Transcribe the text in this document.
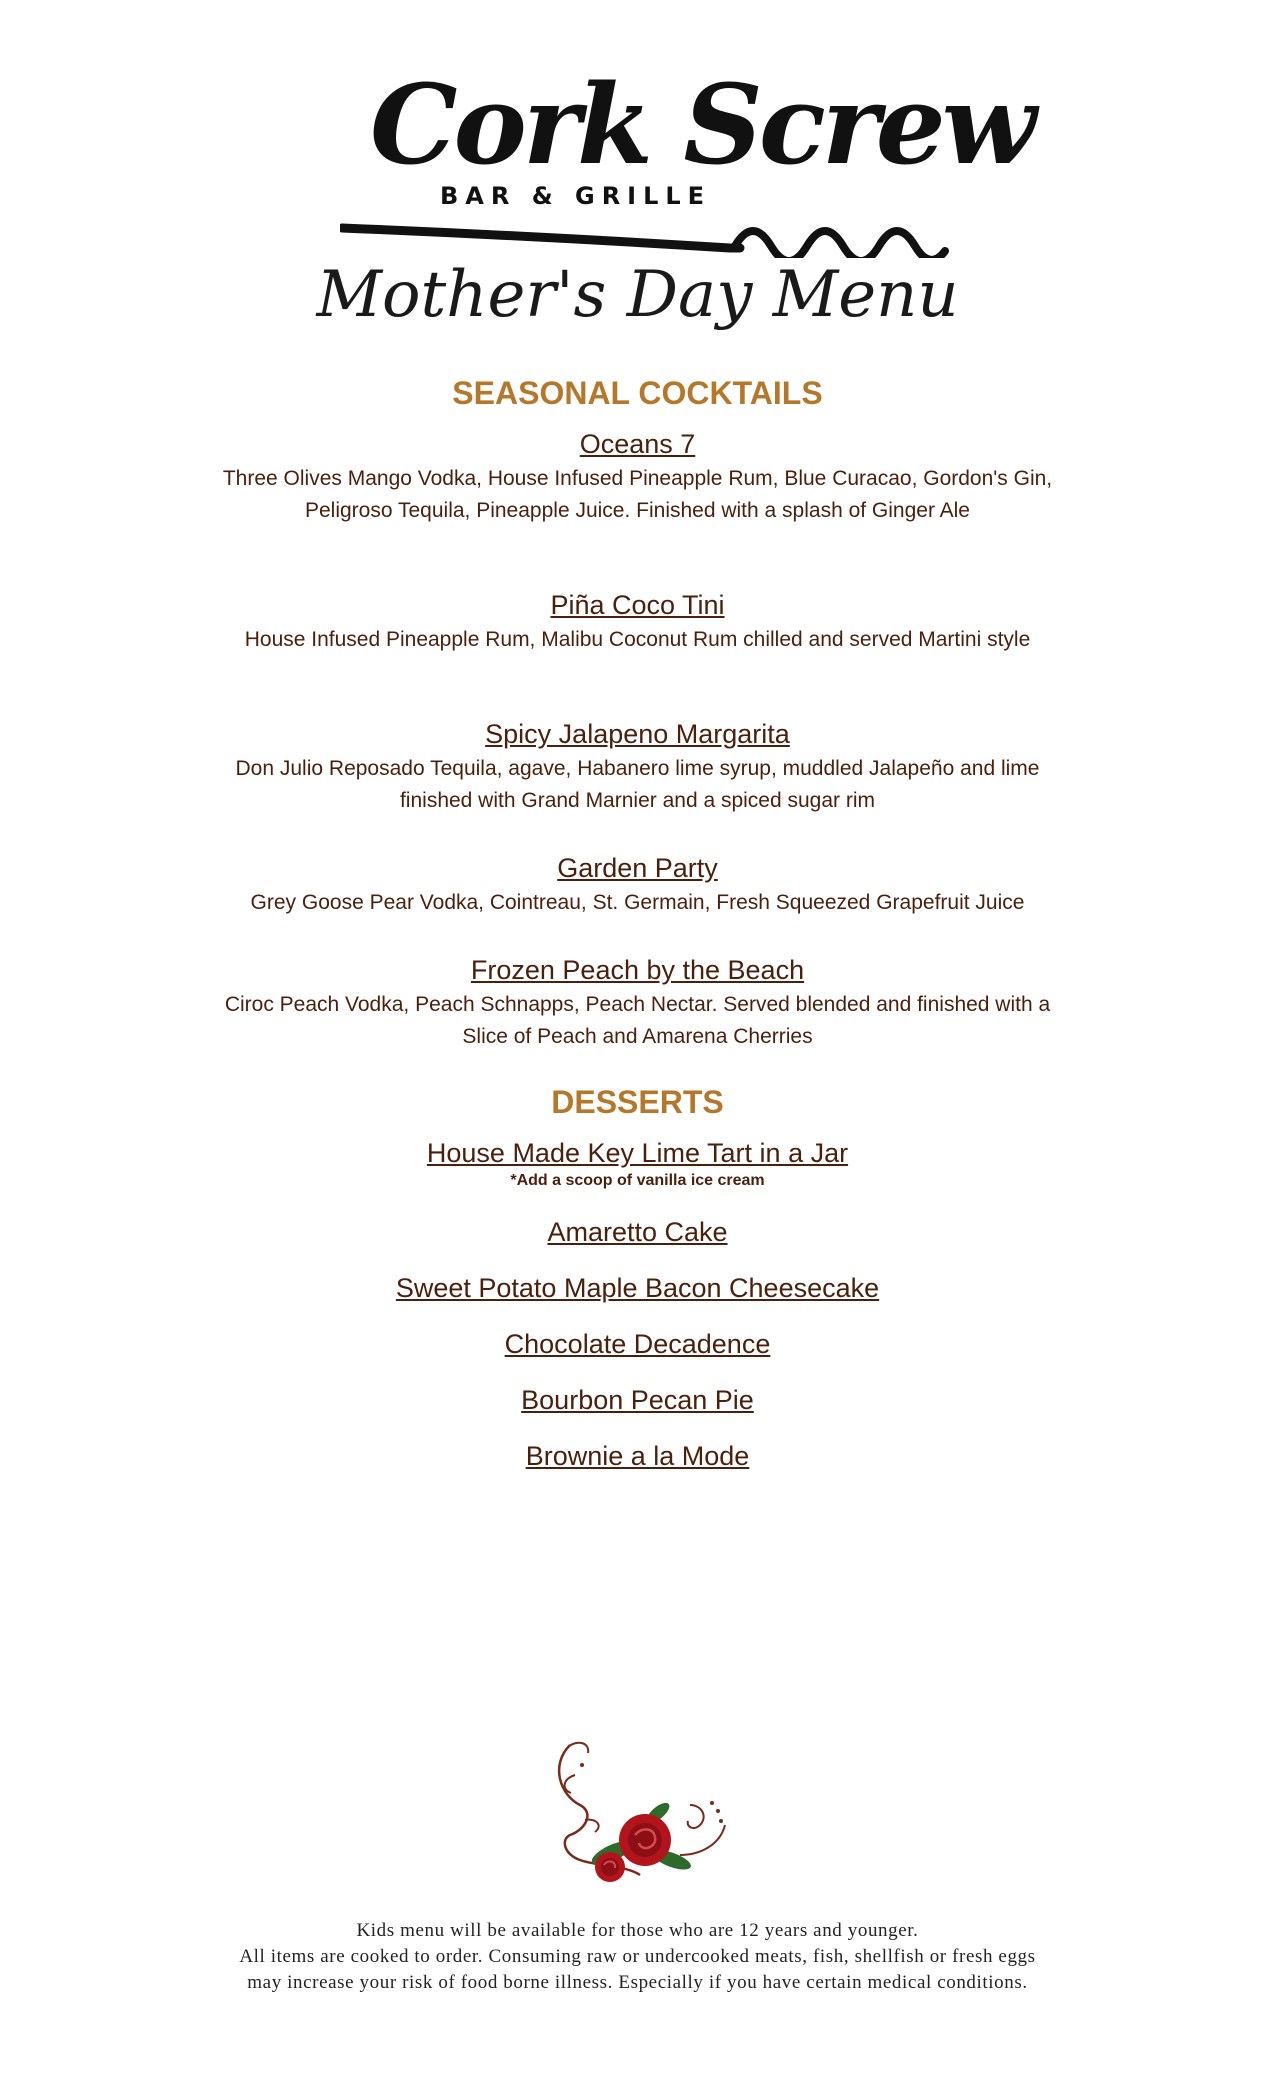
Cork Screw
BAR & GRILLE
Mother's Day Menu
SEASONAL COCKTAILS
Oceans 7
Three Olives Mango Vodka, House Infused Pineapple Rum, Blue Curacao, Gordon's Gin, Peligroso Tequila, Pineapple Juice. Finished with a splash of Ginger Ale
Piña Coco Tini
House Infused Pineapple Rum, Malibu Coconut Rum chilled and served Martini style
Spicy Jalapeno Margarita
Don Julio Reposado Tequila, agave, Habanero lime syrup, muddled Jalapeño and lime finished with Grand Marnier and a spiced sugar rim
Garden Party
Grey Goose Pear Vodka, Cointreau, St. Germain, Fresh Squeezed Grapefruit Juice
Frozen Peach by the Beach
Ciroc Peach Vodka, Peach Schnapps, Peach Nectar. Served blended and finished with a Slice of Peach and Amarena Cherries
DESSERTS
House Made Key Lime Tart in a Jar
*Add a scoop of vanilla ice cream
Amaretto Cake
Sweet Potato Maple Bacon Cheesecake
Chocolate Decadence
Bourbon Pecan Pie
Brownie a la Mode
Kids menu will be available for those who are 12 years and younger.
All items are cooked to order. Consuming raw or undercooked meats, fish, shellfish or fresh eggs
may increase your risk of food borne illness. Especially if you have certain medical conditions.
